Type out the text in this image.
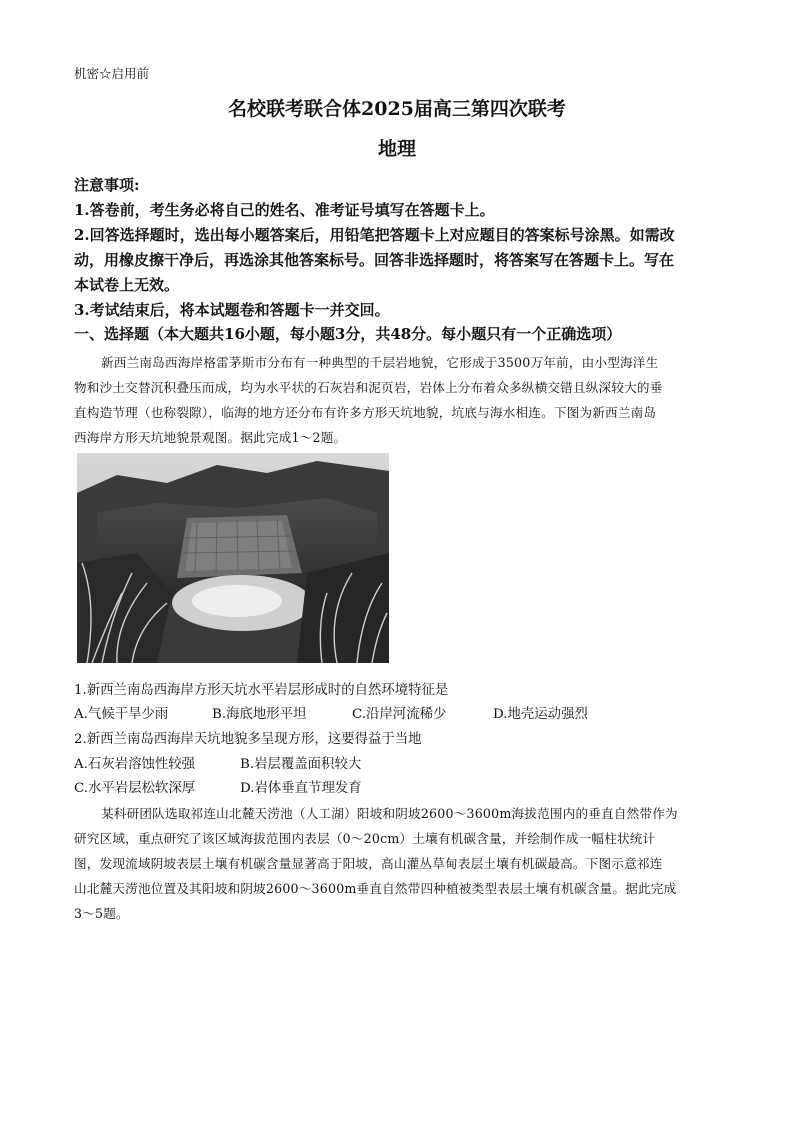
机密☆启用前
名校联考联合体2025届高三第四次联考
地理
注意事项:
1.答卷前，考生务必将自己的姓名、准考证号填写在答题卡上。
2.回答选择题时，选出每小题答案后，用铅笔把答题卡上对应题目的答案标号涂黑。如需改
动，用橡皮擦干净后，再选涂其他答案标号。回答非选择题时，将答案写在答题卡上。写在
本试卷上无效。
3.考试结束后，将本试题卷和答题卡一并交回。
一、选择题（本大题共16小题，每小题3分，共48分。每小题只有一个正确选项）
新西兰南岛西海岸格雷茅斯市分布有一种典型的千层岩地貌，它形成于3500万年前，由小型海洋生
物和沙土交替沉积叠压而成，均为水平状的石灰岩和泥页岩，岩体上分布着众多纵横交错且纵深较大的垂
直构造节理（也称裂隙），临海的地方还分布有许多方形天坑地貌，坑底与海水相连。下图为新西兰南岛
西海岸方形天坑地貌景观图。据此完成1～2题。
1.新西兰南岛西海岸方形天坑水平岩层形成时的自然环境特征是
A.气候干旱少雨	B.海底地形平坦	C.沿岸河流稀少	D.地壳运动强烈
2.新西兰南岛西海岸天坑地貌多呈现方形，这要得益于当地
A.石灰岩溶蚀性较强	B.岩层覆盖面积较大
C.水平岩层松软深厚	D.岩体垂直节理发育
某科研团队选取祁连山北麓天涝池（人工湖）阳坡和阴坡2600～3600m海拔范围内的垂直自然带作为
研究区域，重点研究了该区域海拔范围内表层（0～20cm）土壤有机碳含量，并绘制作成一幅柱状统计
图，发现流域阴坡表层土壤有机碳含量显著高于阳坡，高山灌丛草甸表层土壤有机碳最高。下图示意祁连
山北麓天涝池位置及其阳坡和阴坡2600～3600m垂直自然带四种植被类型表层土壤有机碳含量。据此完成
3～5题。
